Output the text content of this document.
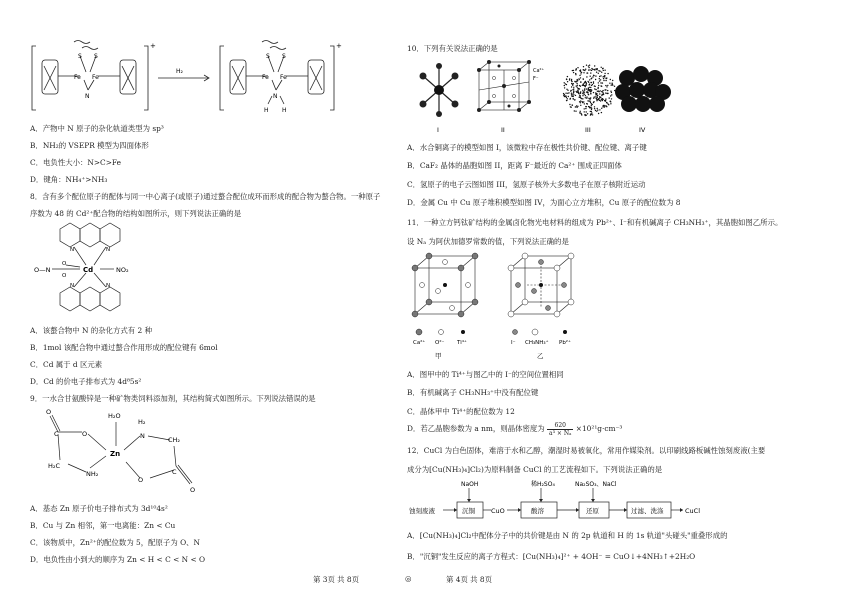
S S
Fe Fe
N
+
H₂
S S
Fe Fe
N
H H
+
A．产物中 N 原子的杂化轨道类型为 sp³
B．NH₂的 VSEPR 模型为四面体形
C．电负性大小：N>C>Fe
D．键角：NH₄⁺>NH₃
8．含有多个配位原子的配体与同一中心离子(或原子)通过螯合配位成环而形成的配合物为螯合物。一种原子
序数为 48 的 Cd²⁺配合物的结构如图所示，则下列说法正确的是
O—N	Cd	NO₂
N	N
N	N
O
O
A．该螯合物中 N 的杂化方式有 2 种
B．1mol 该配合物中通过螯合作用形成的配位键有 6mol
C．Cd 属于 d 区元素
D．Cd 的价电子排布式为 4d⁸5s²
9．一水合甘氨酸锌是一种矿物类饲料添加剂，其结构简式如图所示。下列说法错误的是
O
C	O
H₂C
NH₂
H₂O
Zn
H₂
N	CH₂
O
C
O
A．基态 Zn 原子价电子排布式为 3d¹⁰4s²
B．Cu 与 Zn 相邻，第一电离能：Zn < Cu
C．该物质中，Zn²⁺的配位数为 5，配原子为 O、N
D．电负性由小到大的顺序为 Zn < H < C < N < O
10．下列有关说法正确的是
I	II
Ca²⁺
F⁻
III	IV
A．水合铜离子的模型如图 I，该微粒中存在极性共价键、配位键、离子键
B．CaF₂ 晶体的晶胞如图 II，距离 F⁻最近的 Ca²⁺ 围成正四面体
C．氢原子的电子云图如图 III，氢原子核外大多数电子在原子核附近运动
D．金属 Cu 中 Cu 原子堆积模型如图 IV，为面心立方堆积，Cu 原子的配位数为 8
11．一种立方钙钛矿结构的金属卤化物光电材料的组成为 Pb²⁺、I⁻和有机碱离子 CH₃NH₃⁺，其晶胞如图乙所示。
设 Nₐ 为阿伏加德罗常数的值，下列说法正确的是
Ca²⁺ O²⁻ Ti⁴⁺
甲
I⁻ CH₃NH₃⁺ Pb²⁺
乙
A．图甲中的 Ti⁴⁺与图乙中的 I⁻的空间位置相同
B．有机碱离子 CH₃NH₃⁺中没有配位键
C．晶体甲中 Ti⁴⁺的配位数为 12
D．若乙晶胞参数为 a nm，则晶体密度为 $\frac{620}{\text{a³ × Nₐ}} \times 10^{21}g\cdot cm^{-3}$
12．CuCl 为白色固体，难溶于水和乙醇，潮湿时易被氧化，常用作媒染剂。以印刷线路板碱性蚀刻废液(主要
成分为[Cu(NH₃)₄]Cl₂)为原料制备 CuCl 的工艺流程如下。下列说法正确的是
NaOH	稀H₂SO₄	Na₂SO₃、NaCl
蚀刻废液	沉铜 CuO	酸溶	还原	过滤、洗涤	CuCl
A．[Cu(NH₃)₄]Cl₂中配体分子中的共价键是由 N 的 2p 轨道和 H 的 1s 轨道"头碰头"重叠形成的
B．"沉铜"发生反应的离子方程式：[Cu(NH₃)₄]²⁺ + 4OH⁻ = CuO↓+4NH₃↑+2H₂O
第 3页 共 8页	◎	第 4页 共 8页
